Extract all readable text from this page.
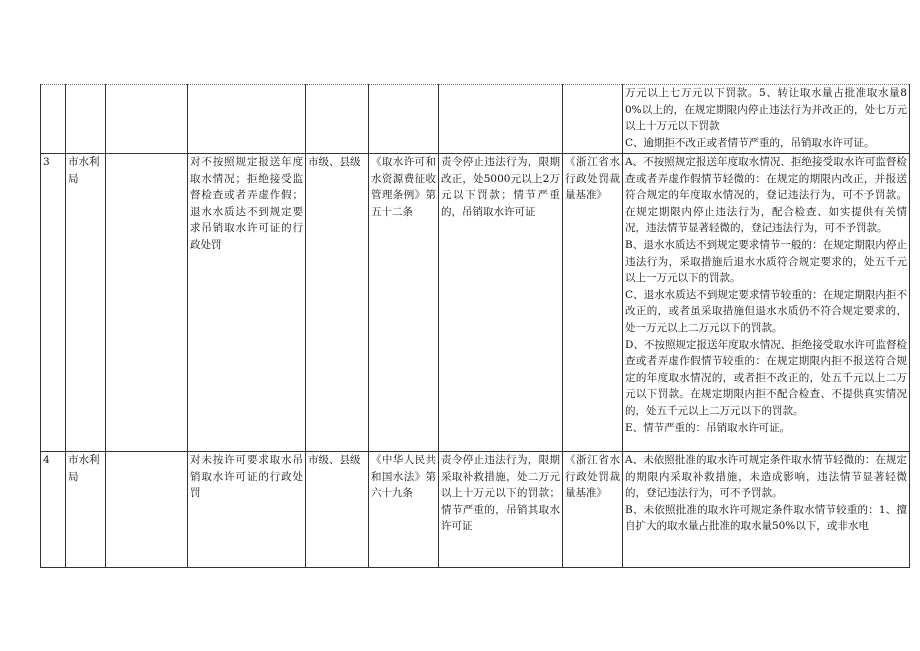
								万元以上七万元以下罚款。5、转让取水量占批准取水量80%以上的，在规定期限内停止违法行为并改正的，处七万元以上十万元以下罚款
C、逾期拒不改正或者情节严重的，吊销取水许可证。

3	市水利局		对不按照规定报送年度取水情况；拒绝接受监督检查或者弄虚作假；退水水质达不到规定要求吊销取水许可证的行政处罚	市级、县级	《取水许可和水资源费征收管理条例》第五十二条	责令停止违法行为，限期改正，处5000元以上2万元以下罚款；情节严重的，吊销取水许可证	《浙江省水行政处罚裁量基准》	A、不按照规定报送年度取水情况、拒绝接受取水许可监督检查或者弄虚作假情节轻微的：在规定的期限内改正，并报送符合规定的年度取水情况的，登记违法行为，可不予罚款。在规定期限内停止违法行为，配合检查、如实提供有关情况，违法情节显著轻微的，登记违法行为，可不予罚款。
B、退水水质达不到规定要求情节一般的：在规定期限内停止违法行为，采取措施后退水水质符合规定要求的，处五千元以上一万元以下的罚款。
C、退水水质达不到规定要求情节较重的：在规定期限内拒不改正的，或者虽采取措施但退水水质仍不符合规定要求的，处一万元以上二万元以下的罚款。
D、不按照规定报送年度取水情况、拒绝接受取水许可监督检查或者弄虚作假情节较重的：在规定期限内拒不报送符合规定的年度取水情况的，或者拒不改正的，处五千元以上二万元以下罚款。在规定期限内拒不配合检查、不提供真实情况的，处五千元以上二万元以下的罚款。
E、情节严重的：吊销取水许可证。

4	市水利局		对未按许可要求取水吊销取水许可证的行政处罚	市级、县级	《中华人民共和国水法》第六十九条	责令停止违法行为，限期采取补救措施，处二万元以上十万元以下的罚款；情节严重的，吊销其取水许可证	《浙江省水行政处罚裁量基准》	A、未依照批准的取水许可规定条件取水情节轻微的：在规定的期限内采取补救措施，未造成影响，违法情节显著轻微的，登记违法行为，可不予罚款。
B、未依照批准的取水许可规定条件取水情节较重的：1、擅自扩大的取水量占批准的取水量50%以下，或非水电
